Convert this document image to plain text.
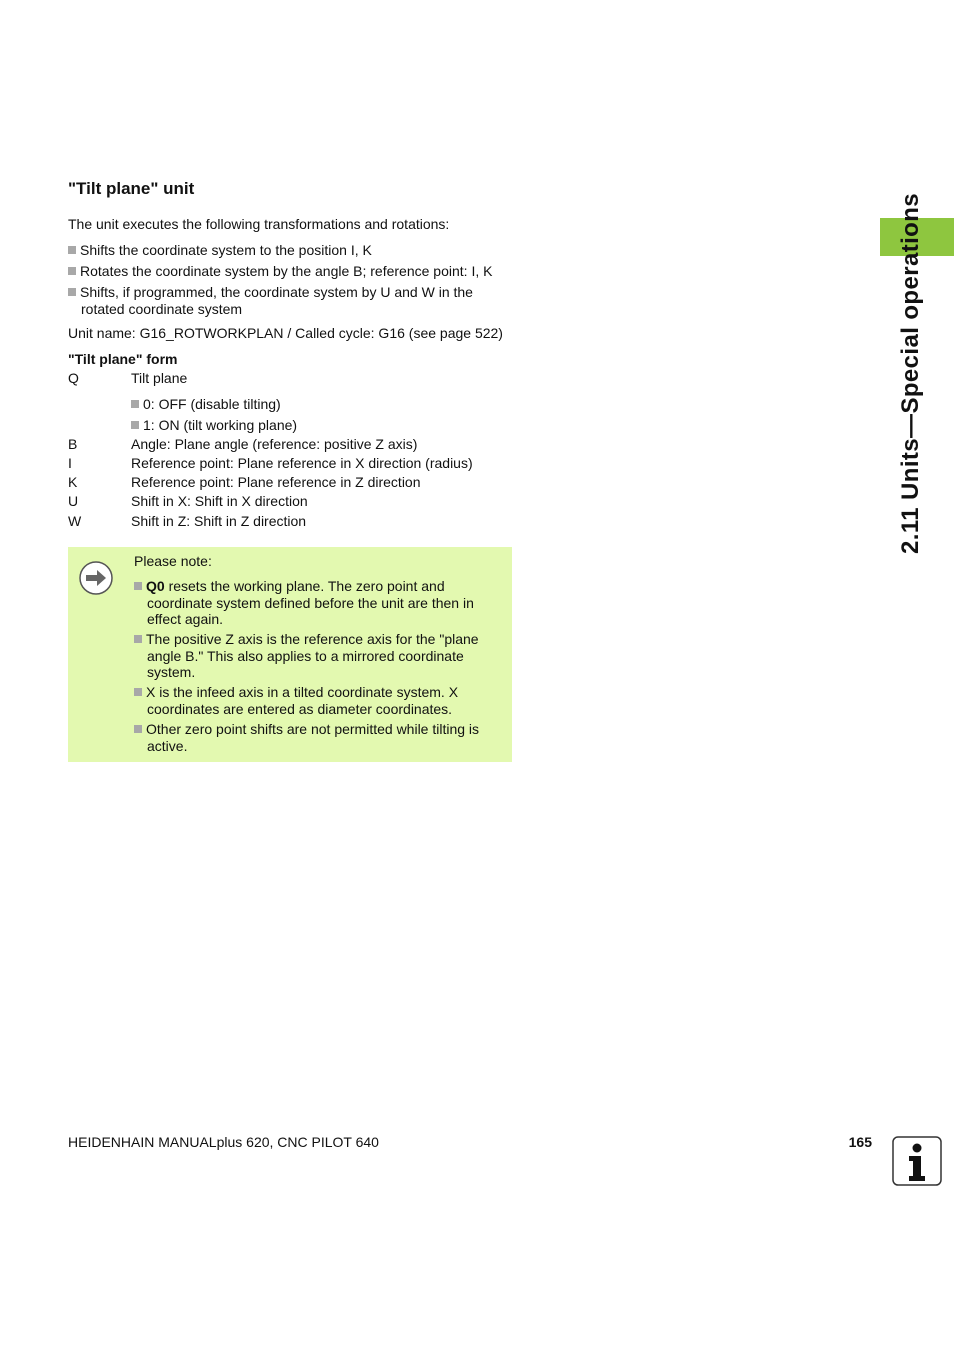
"Tilt plane" unit
The unit executes the following transformations and rotations:
Shifts the coordinate system to the position I, K
Rotates the coordinate system by the angle B; reference point: I, K
Shifts, if programmed, the coordinate system by U and W in the rotated coordinate system
Unit name: G16_ROTWORKPLAN / Called cycle: G16 (see page 522)
"Tilt plane" form
Q	Tilt plane
0: OFF (disable tilting)
1: ON (tilt working plane)
B	Angle: Plane angle (reference: positive Z axis)
I	Reference point: Plane reference in X direction (radius)
K	Reference point: Plane reference in Z direction
U	Shift in X: Shift in X direction
W	Shift in Z: Shift in Z direction
Please note:
Q0 resets the working plane. The zero point and coordinate system defined before the unit are then in effect again.
The positive Z axis is the reference axis for the "plane angle B." This also applies to a mirrored coordinate system.
X is the infeed axis in a tilted coordinate system. X coordinates are entered as diameter coordinates.
Other zero point shifts are not permitted while tilting is active.
2.11 Units—Special operations
HEIDENHAIN MANUALplus 620, CNC PILOT 640	165
